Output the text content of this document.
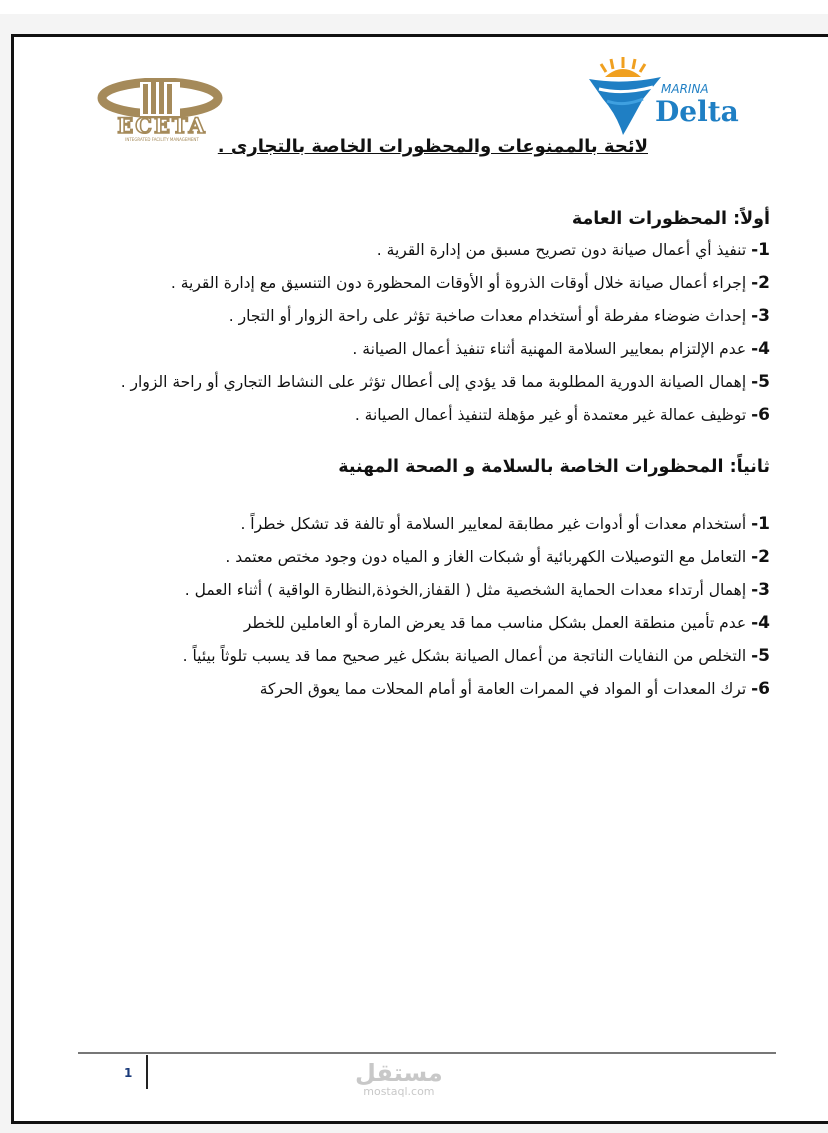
ECETA
INTEGRATED FACILITY MANAGEMENT
MARINA
Delta
لائحة بالممنوعات والمحظورات الخاصة بالتجارى .
أولاً: المحظورات العامة
1- تنفيذ أي أعمال صيانة دون تصريح مسبق من إدارة القرية .
2- إجراء أعمال صيانة خلال أوقات الذروة أو الأوقات المحظورة دون التنسيق مع إدارة القرية .
3- إحداث ضوضاء مفرطة أو أستخدام معدات صاخبة تؤثر على راحة الزوار أو التجار .
4- عدم الإلتزام بمعايير السلامة المهنية أثناء تنفيذ أعمال الصيانة .
5- إهمال الصيانة الدورية المطلوبة مما قد يؤدي إلى أعطال تؤثر على النشاط التجاري أو راحة الزوار .
6- توظيف عمالة غير معتمدة أو غير مؤهلة لتنفيذ أعمال الصيانة .
ثانياً: المحظورات الخاصة بالسلامة و الصحة المهنية
1- أستخدام معدات أو أدوات غير مطابقة لمعايير السلامة أو تالفة قد تشكل خطراً .
2- التعامل مع التوصيلات الكهربائية أو شبكات الغاز و المياه دون وجود مختص معتمد .
3- إهمال أرتداء معدات الحماية الشخصية مثل ( القفاز,الخوذة,النظارة الواقية ) أثناء العمل .
4- عدم تأمين منطقة العمل بشكل مناسب مما قد يعرض المارة أو العاملين للخطر
5- التخلص من النفايات الناتجة من أعمال الصيانة بشكل غير صحيح مما قد يسبب تلوثاً بيئياً .
6- ترك المعدات أو المواد في الممرات العامة أو أمام المحلات مما يعوق الحركة
1	مستقل
mostaql.com
